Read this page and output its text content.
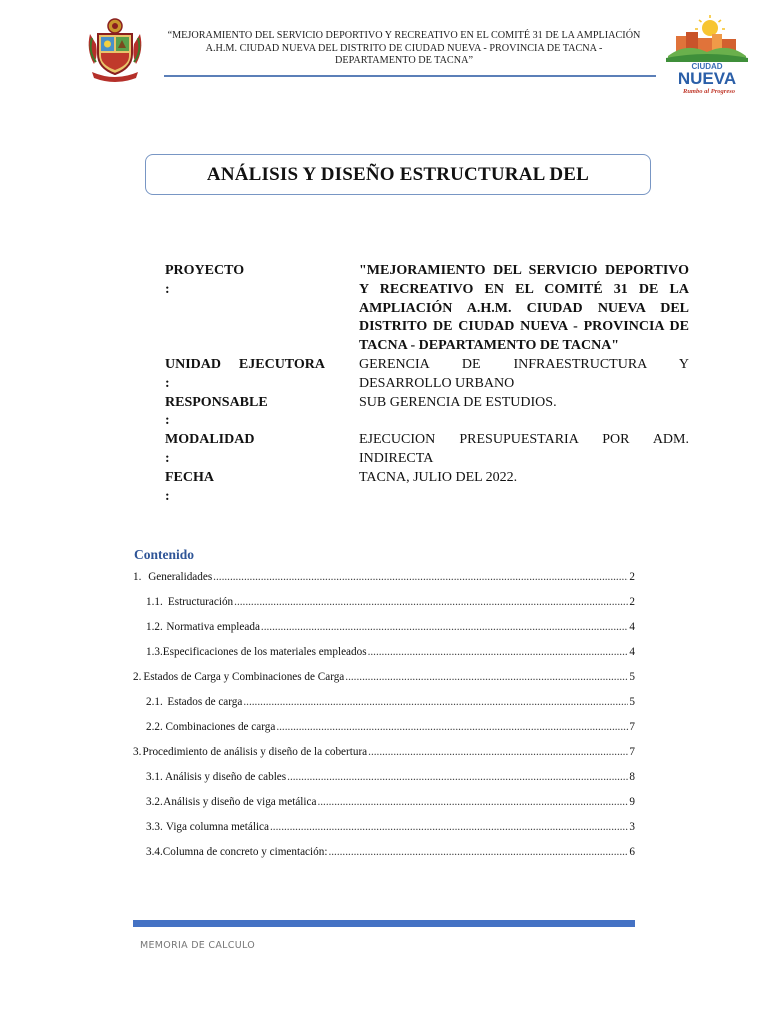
“MEJORAMIENTO DEL SERVICIO DEPORTIVO Y RECREATIVO EN EL COMITÉ 31 DE LA AMPLIACIÓN
A.H.M. CIUDAD NUEVA DEL DISTRITO DE CIUDAD NUEVA - PROVINCIA DE TACNA -
DEPARTAMENTO DE TACNA”
CIUDAD
NUEVA
Rumbo al Progreso
ANÁLISIS Y DISEÑO ESTRUCTURAL DEL
PROYECTO
:
"MEJORAMIENTO DEL SERVICIO DEPORTIVO Y RECREATIVO EN EL COMITÉ 31 DE LA AMPLIACIÓN A.H.M. CIUDAD NUEVA DEL DISTRITO DE CIUDAD NUEVA - PROVINCIA DE TACNA - DEPARTAMENTO DE TACNA"
UNIDAD EJECUTORA
:
GERENCIA DE INFRAESTRUCTURA Y
DESARROLLO URBANO
RESPONSABLE
:
SUB GERENCIA DE ESTUDIOS.
MODALIDAD
:
EJECUCION PRESUPUESTARIA POR ADM.
INDIRECTA
FECHA
:
TACNA, JULIO DEL 2022.
Contenido
1. Generalidades .....	2
1.1. Estructuración .....	2
1.2. Normativa empleada .....	4
1.3. Especificaciones de los materiales empleados .....	4
2. Estados de Carga y Combinaciones de Carga .....	5
2.1. Estados de carga .....	5
2.2. Combinaciones de carga .....	7
3. Procedimiento de análisis y diseño de la cobertura .....	7
3.1. Análisis y diseño de cables .....	8
3.2. Análisis y diseño de viga metálica .....	9
3.3. Viga columna metálica .....	3
3.4. Columna de concreto y cimentación: .....	6
MEMORIA DE CALCULO
